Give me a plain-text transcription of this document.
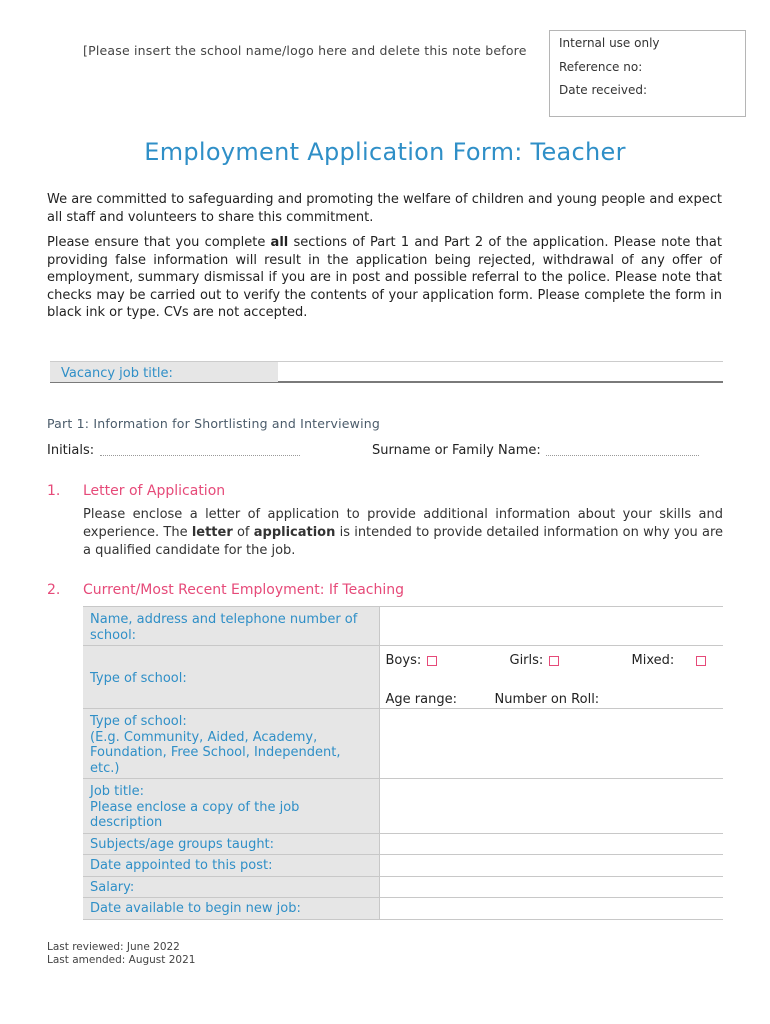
[Please insert the school name/logo here and delete this note before	Internal use only
Reference no:
Date received:
Employment Application Form: Teacher

We are committed to safeguarding and promoting the welfare of children and young people and expect all staff and volunteers to share this commitment.

Please ensure that you complete all sections of Part 1 and Part 2 of the application. Please note that providing false information will result in the application being rejected, withdrawal of any offer of employment, summary dismissal if you are in post and possible referral to the police. Please note that checks may be carried out to verify the contents of your application form. Please complete the form in black ink or type. CVs are not accepted.

Vacancy job title:
Part 1: Information for Shortlisting and Interviewing
Initials:	Surname or Family Name:
1. Letter of Application

Please enclose a letter of application to provide additional information about your skills and experience. The letter of application is intended to provide detailed information on why you are a qualified candidate for the job.

2. Current/Most Recent Employment: If Teaching
Name, address and telephone number of school:	
Type of school:	Boys: Girls: Mixed:
Age range: Number on Roll:

Type of school:
(E.g. Community, Aided, Academy, Foundation, Free School, Independent, etc.)	

Job title:
Please enclose a copy of the job description	

Subjects/age groups taught:	
Date appointed to this post:	
Salary:	
Date available to begin new job:	
Last reviewed: June 2022
Last amended: August 2021
